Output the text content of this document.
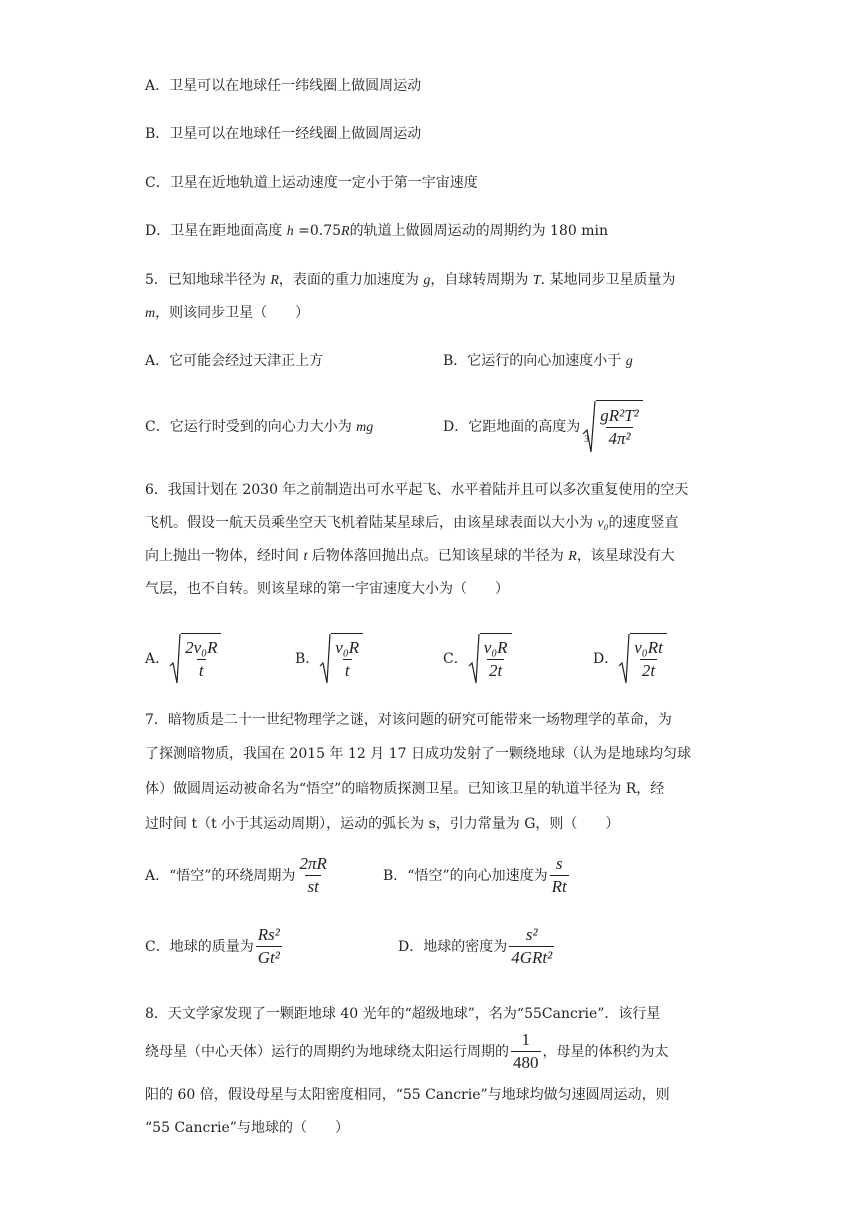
A．卫星可以在地球任一纬线圈上做圆周运动
B．卫星可以在地球任一经线圈上做圆周运动
C．卫星在近地轨道上运动速度一定小于第一宇宙速度
D．卫星在距地面高度 h =0.75R的轨道上做圆周运动的周期约为 180 min
5．已知地球半径为 R，表面的重力加速度为 g，自球转周期为 T. 某地同步卫星质量为
m，则该同步卫星（　　）
A．它可能会经过天津正上方	B．它运行的向心加速度小于 g
C．它运行时受到的向心力大小为 mg	D．它距地面的高度为
$3 \frac{\text{gR²T²}}{\text{4π²}}$
6．我国计划在 2030 年之前制造出可水平起飞、水平着陆并且可以多次重复使用的空天
飞机。假设一航天员乘坐空天飞机着陆某星球后，由该星球表面以大小为 v₀的速度竖直
向上抛出一物体，经时间 t 后物体落回抛出点。已知该星球的半径为 R，该星球没有大
气层，也不自转。则该星球的第一宇宙速度大小为（　　）
A． $\frac{\text{2v₀R}}{t}$	B． $\frac{\text{v₀R}}{t}$	C． $\frac{\text{v₀R}}{2t}$	D． $\frac{\text{v₀Rt}}{2t}$
7．暗物质是二十一世纪物理学之谜，对该问题的研究可能带来一场物理学的革命，为
了探测暗物质，我国在 2015 年 12 月 17 日成功发射了一颗绕地球（认为是地球均匀球
体）做圆周运动被命名为“悟空”的暗物质探测卫星。已知该卫星的轨道半径为 R，经
过时间 t（t 小于其运动周期），运动的弧长为 s，引力常量为 G，则（　　）
A．“悟空”的环绕周期为 $\frac{2\pi R}{st}$	B．“悟空”的向心加速度为 $\frac{s}{Rt}$
C．地球的质量为 $\frac{\text{Rs²}}{\text{Gt²}}$	D．地球的密度为 $\frac{\text{s²}}{\text{4GRt²}}$
8．天文学家发现了一颗距地球 40 光年的“超级地球”，名为“55Cancrie”．该行星
绕母星（中心天体）运行的周期约为地球绕太阳运行周期的 $\frac{1}{480}$ ，母星的体积约为太
阳的 60 倍，假设母星与太阳密度相同，“55 Cancrie”与地球均做匀速圆周运动，则
“55 Cancrie”与地球的（　　）
